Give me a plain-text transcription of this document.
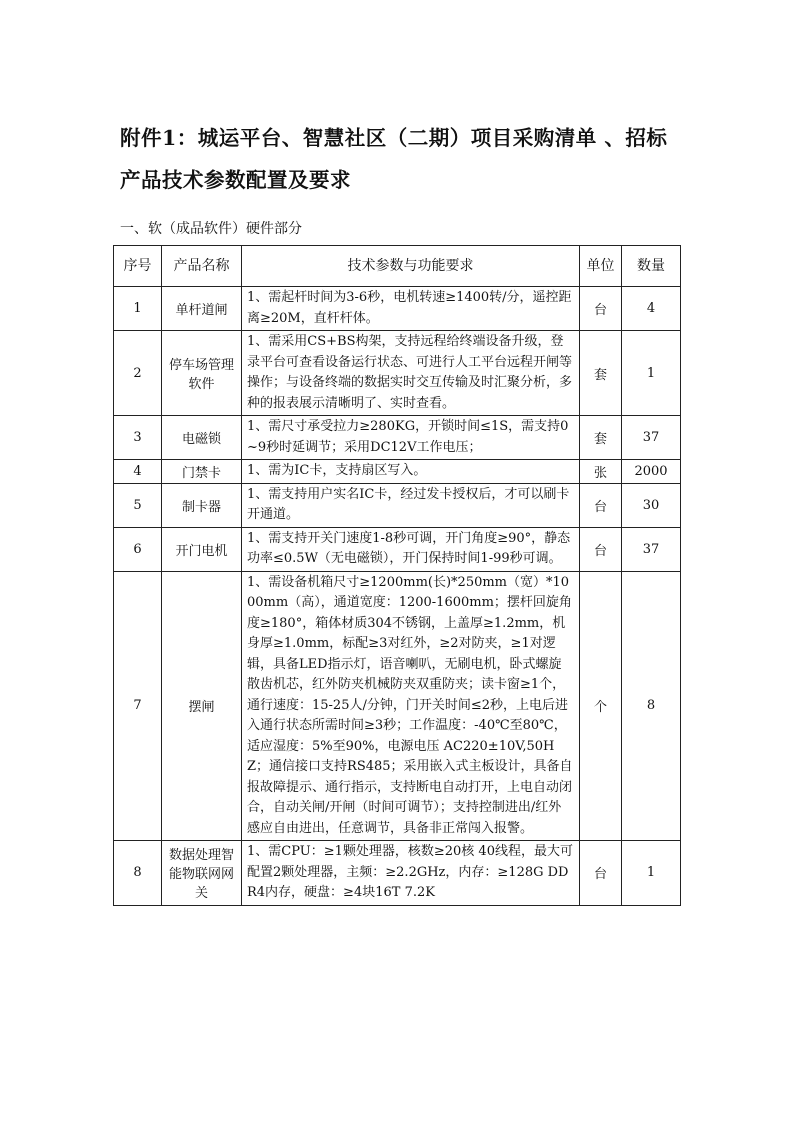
附件1：城运平台、智慧社区（二期）项目采购清单 、招标产品技术参数配置及要求

一、软（成品软件）硬件部分

序号	产品名称	技术参数与功能要求	单位	数量
1	单杆道闸	1、需起杆时间为3-6秒，电机转速≥1400转/分，遥控距离≥20M，直杆杆体。	台	4
2	停车场管理软件	1、需采用CS+BS构架，支持远程给终端设备升级，登录平台可查看设备运行状态、可进行人工平台远程开闸等操作；与设备终端的数据实时交互传输及时汇聚分析，多种的报表展示清晰明了、实时查看。	套	1
3	电磁锁	1、需尺寸承受拉力≥280KG，开锁时间≤1S，需支持0~9秒时延调节；采用DC12V工作电压；	套	37
4	门禁卡	1、需为IC卡，支持扇区写入。	张	2000
5	制卡器	1、需支持用户实名IC卡，经过发卡授权后，才可以刷卡开通道。	台	30
6	开门电机	1、需支持开关门速度1-8秒可调，开门角度≥90°，静态功率≤0.5W（无电磁锁），开门保持时间1-99秒可调。	台	37
7	摆闸	1、需设备机箱尺寸≥1200mm(长)*250mm（宽）*1000mm（高），通道宽度：1200-1600mm；摆杆回旋角度≥180°，箱体材质304不锈钢，上盖厚≥1.2mm，机身厚≥1.0mm，标配≥3对红外，≥2对防夹，≥1对逻辑，具备LED指示灯，语音喇叭，无刷电机，卧式螺旋散齿机芯，红外防夹机械防夹双重防夹；读卡窗≥1个，通行速度：15-25人/分钟，门开关时间≤2秒，上电后进入通行状态所需时间≥3秒；工作温度：-40℃至80℃，适应湿度：5%至90%，电源电压 AC220±10V,50HZ；通信接口支持RS485；采用嵌入式主板设计，具备自报故障提示、通行指示，支持断电自动打开，上电自动闭合，自动关闸/开闸（时间可调节）；支持控制进出/红外感应自由进出，任意调节，具备非正常闯入报警。	个	8
8	数据处理智能物联网网关	1、需CPU：≥1颗处理器，核数≥20核 40线程，最大可配置2颗处理器，主频：≥2.2GHz，内存：≥128G DDR4内存，硬盘：≥4块16T 7.2K	台	1
